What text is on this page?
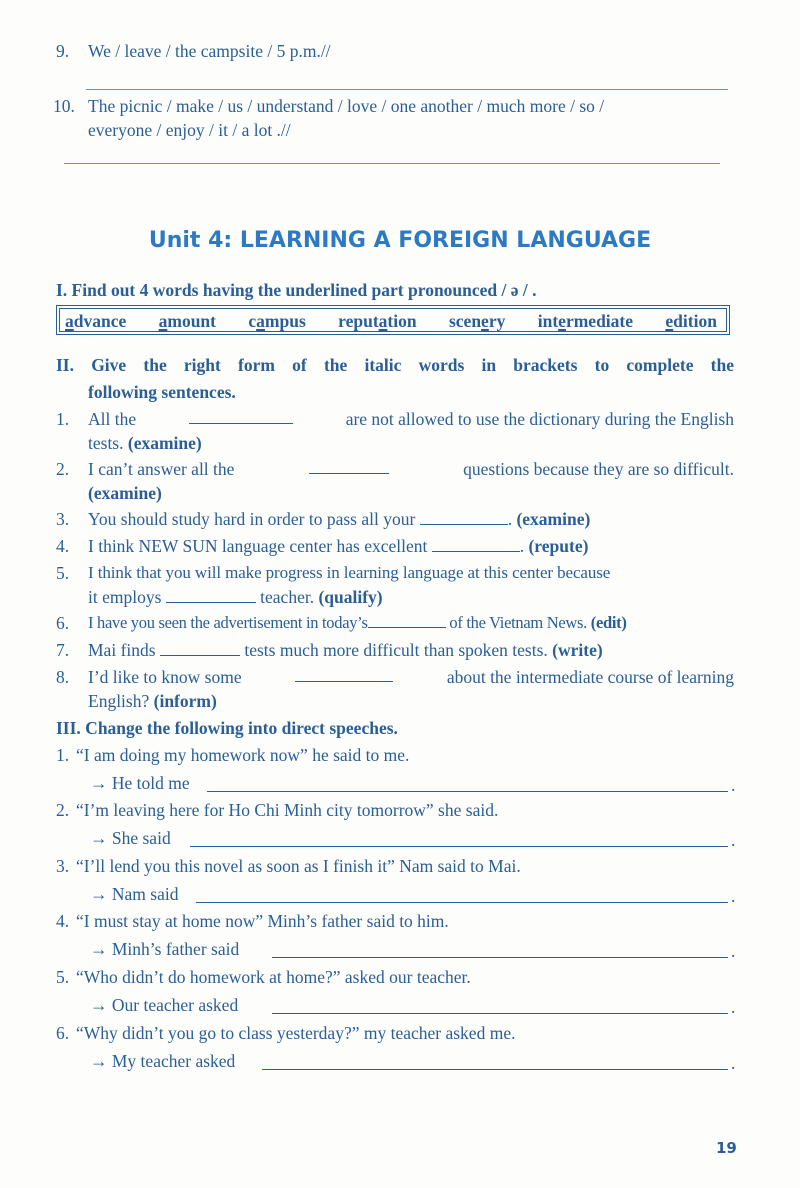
9. We / leave / the campsite / 5 p.m.//
10. The picnic / make / us / understand / love / one another / much more / so /
everyone / enjoy / it / a lot .//
Unit 4: LEARNING A FOREIGN LANGUAGE
I. Find out 4 words having the underlined part pronounced / ə / .
advance amount campus reputation scenery intermediate edition
II. Give the right form of the italic words in brackets to complete the
following sentences.
1. All the	are not allowed to use the dictionary during the English
tests. (examine)
2. I can’t answer all the	questions because they are so difficult.
(examine)
3. You should study hard in order to pass all your	. (examine)
4. I think NEW SUN language center has excellent	. (repute)
5. I think that you will make progress in learning language at this center because
it employs	teacher. (qualify)
6. I have you seen the advertisement in today’s	of the Vietnam News. (edit)
7. Mai finds	tests much more difficult than spoken tests. (write)
8. I’d like to know some	about the intermediate course of learning
English? (inform)
III. Change the following into direct speeches.
1. “I am doing my homework now” he said to me.
→ He told me	.
2. “I’m leaving here for Ho Chi Minh city tomorrow” she said.
→ She said	.
3. “I’ll lend you this novel as soon as I finish it” Nam said to Mai.
→ Nam said	.
4. “I must stay at home now” Minh’s father said to him.
→ Minh’s father said	.
5. “Who didn’t do homework at home?” asked our teacher.
→ Our teacher asked	.
6. “Why didn’t you go to class yesterday?” my teacher asked me.
→ My teacher asked	.
19
